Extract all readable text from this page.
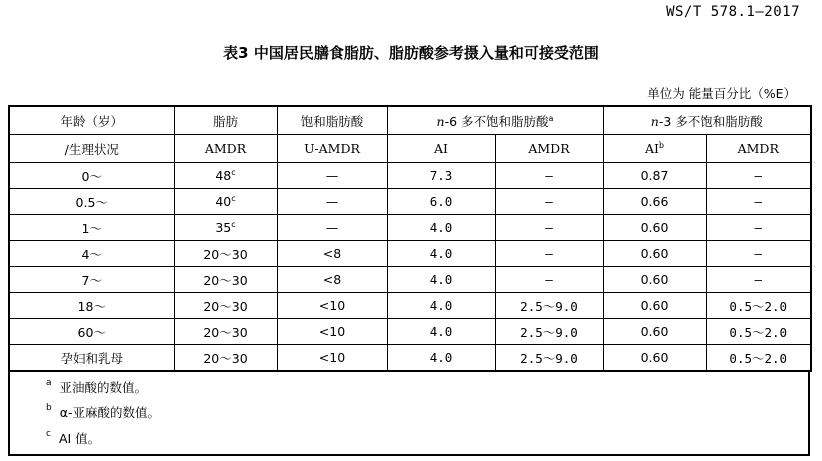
WS/T 578.1—2017
表3 中国居民膳食脂肪、脂肪酸参考摄入量和可接受范围
单位为 能量百分比（%E）
年龄（岁）	脂肪	饱和脂肪酸	n-6 多不饱和脂肪酸$^a$		n-3 多不饱和脂肪酸	
/生理状况	AMDR	U-AMDR	AI	AMDR	$AI^b$	AMDR
0～	48$^c$	—	7.3	—	0.87	—
0.5～	40$^c$	—	6.0	—	0.66	—
1～	35$^c$	—	4.0	—	0.60	—
4～	20～30	<8	4.0	—	0.60	—
7～	20～30	<8	4.0	—	0.60	—
18～	20～30	<10	4.0	2.5～9.0	0.60	0.5～2.0
60～	20～30	<10	4.0	2.5～9.0	0.60	0.5～2.0
孕妇和乳母	20～30	<10	4.0	2.5～9.0	0.60	0.5～2.0
$^a$ 亚油酸的数值。
$^b$ α-亚麻酸的数值。
$^c$ AI 值。
